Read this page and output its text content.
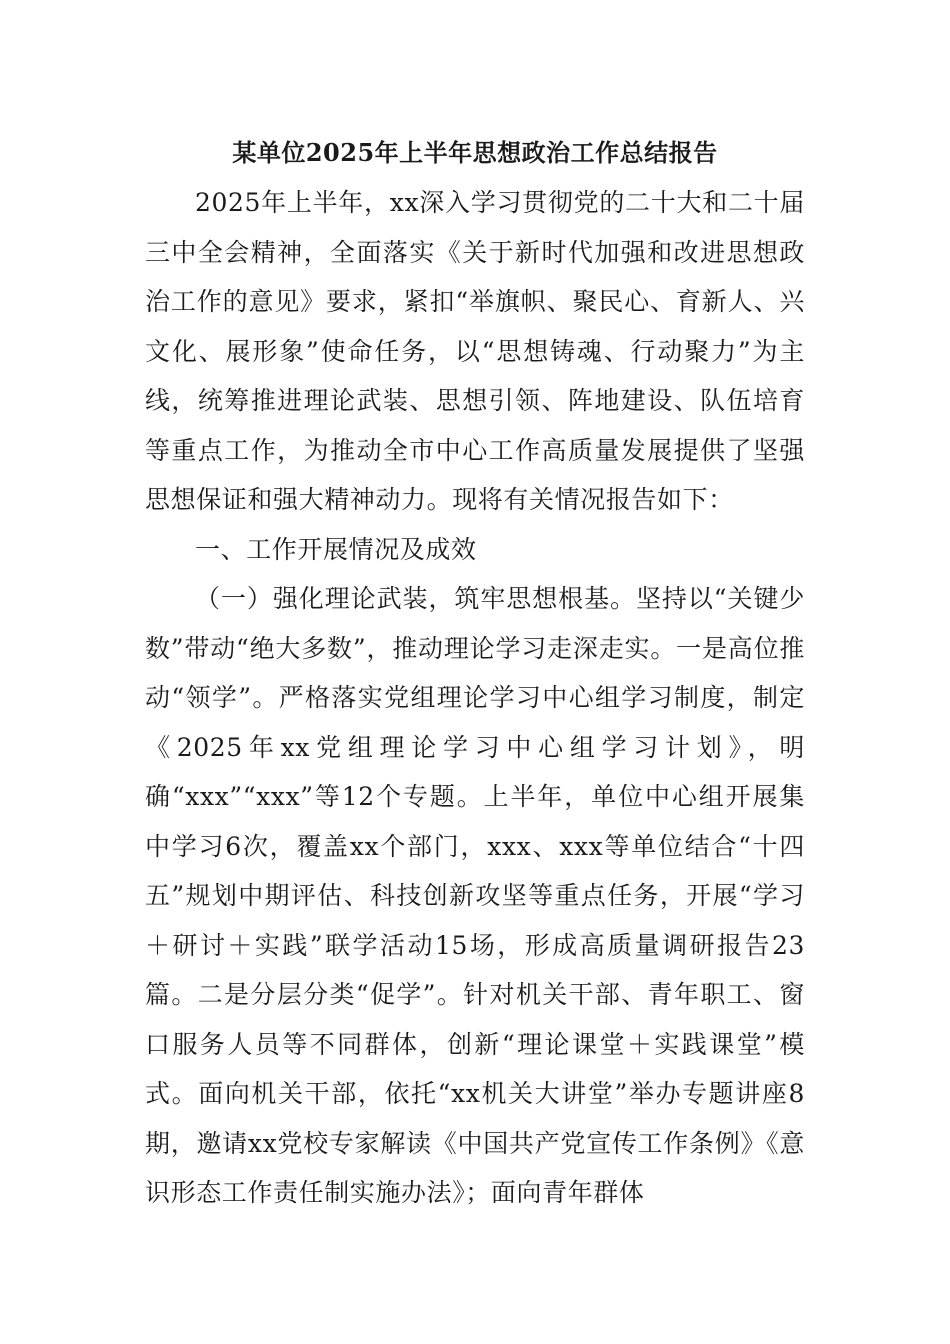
某单位2025年上半年思想政治工作总结报告

2025年上半年，xx深入学习贯彻党的二十大和二十届三中全会精神，全面落实《关于新时代加强和改进思想政治工作的意见》要求，紧扣“举旗帜、聚民心、育新人、兴文化、展形象”使命任务，以“思想铸魂、行动聚力”为主线，统筹推进理论武装、思想引领、阵地建设、队伍培育等重点工作，为推动全市中心工作高质量发展提供了坚强思想保证和强大精神动力。现将有关情况报告如下：

一、工作开展情况及成效

（一）强化理论武装，筑牢思想根基。坚持以“关键少数”带动“绝大多数”，推动理论学习走深走实。一是高位推动“领学”。严格落实党组理论学习中心组学习制度，制定《2025年xx党组理论学习中心组学习计划》，明确“xxx”“xxx”等12个专题。上半年，单位中心组开展集中学习6次，覆盖xx个部门，xxx、xxx等单位结合“十四五”规划中期评估、科技创新攻坚等重点任务，开展“学习＋研讨＋实践”联学活动15场，形成高质量调研报告23篇。二是分层分类“促学”。针对机关干部、青年职工、窗口服务人员等不同群体，创新“理论课堂＋实践课堂”模式。面向机关干部，依托“xx机关大讲堂”举办专题讲座8期，邀请xx党校专家解读《中国共产党宣传工作条例》《意识形态工作责任制实施办法》；面向青年群体
